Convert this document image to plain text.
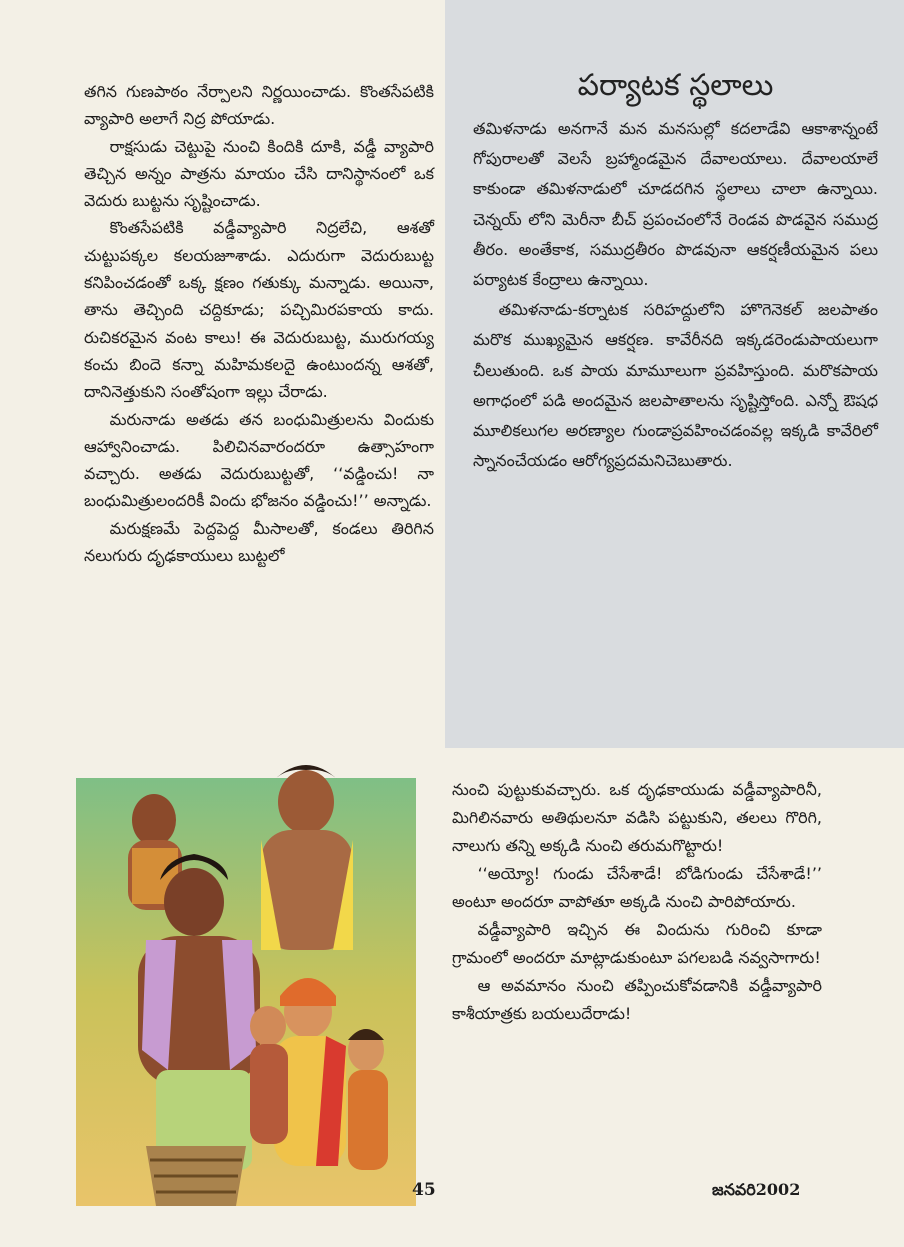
తగిన గుణపాఠం నేర్పాలని నిర్ణయించాడు. కొంతసేపటికి వ్యాపారి అలాగే నిద్ర పోయాడు.

రాక్షసుడు చెట్టుపై నుంచి కిందికి దూకి, వడ్డీ వ్యాపారి తెచ్చిన అన్నం పాత్రను మాయం చేసి దానిస్థానంలో ఒక వెదురు బుట్టను సృష్టించాడు.

కొంతసేపటికి వడ్డీవ్యాపారి నిద్రలేచి, ఆశతో చుట్టుపక్కల కలయజూశాడు. ఎదురుగా వెదురుబుట్ట కనిపించడంతో ఒక్క క్షణం గతుక్కు మన్నాడు. అయినా, తాను తెచ్చింది చద్దికూడు; పచ్చిమిరపకాయ కాదు. రుచికరమైన వంట కాలు! ఈ వెదురుబుట్ట, మురుగయ్య కంచు బిందె కన్నా మహిమకలదై ఉంటుందన్న ఆశతో, దానినెత్తుకుని సంతోషంగా ఇల్లు చేరాడు.

మరునాడు అతడు తన బంధుమిత్రులను విందుకు ఆహ్వానించాడు. పిలిచినవారందరూ ఉత్సాహంగా వచ్చారు. అతడు వెదురుబుట్టతో, ‘‘వడ్డించు! నా బంధుమిత్రులందరికీ విందు భోజనం వడ్డించు!’’ అన్నాడు.

మరుక్షణమే పెద్దపెద్ద మీసాలతో, కండలు తిరిగిన నలుగురు దృఢకాయులు బుట్టలో

పర్యాటక స్థలాలు

తమిళనాడు అనగానే మన మనసుల్లో కదలాడేవి ఆకాశాన్నంటే గోపురాలతో వెలసే బ్రహ్మాండమైన దేవాలయాలు. దేవాలయాలే కాకుండా తమిళనాడులో చూడదగిన స్థలాలు చాలా ఉన్నాయి. చెన్నయ్ లోని మెరీనా బీచ్ ప్రపంచంలోనే రెండవ పొడవైన సముద్ర తీరం. అంతేకాక, సముద్రతీరం పొడవునా ఆకర్షణీయమైన పలు పర్యాటక కేంద్రాలు ఉన్నాయి.

తమిళనాడు-కర్నాటక సరిహద్దులోని హొగెనెకల్ జలపాతం మరొక ముఖ్యమైన ఆకర్షణ. కావేరీనది ఇక్కడరెండుపాయలుగా చీలుతుంది. ఒక పాయ మామూలుగా ప్రవహిస్తుంది. మరొకపాయ అగాధంలో పడి అందమైన జలపాతాలను సృష్టిస్తోంది. ఎన్నో ఔషధ మూలికలుగల అరణ్యాల గుండాప్రవహించడంవల్ల ఇక్కడి కావేరిలో స్నానంచేయడం ఆరోగ్యప్రదమనిచెబుతారు.

నుంచి పుట్టుకువచ్చారు. ఒక దృఢకాయుడు వడ్డీవ్యాపారినీ, మిగిలినవారు అతిథులనూ వడిసి పట్టుకుని, తలలు గొరిగి, నాలుగు తన్ని అక్కడి నుంచి తరుమగొట్టారు!

‘‘అయ్యో! గుండు చేసేశాడే! బోడిగుండు చేసేశాడే!’’ అంటూ అందరూ వాపోతూ అక్కడి నుంచి పారిపోయారు.

వడ్డీవ్యాపారి ఇచ్చిన ఈ విందును గురించి కూడా గ్రామంలో అందరూ మాట్లాడుకుంటూ పగలబడి నవ్వసాగారు!

ఆ అవమానం నుంచి తప్పించుకోవడానికి వడ్డీవ్యాపారి కాశీయాత్రకు బయలుదేరాడు!

45	జనవరి2002
